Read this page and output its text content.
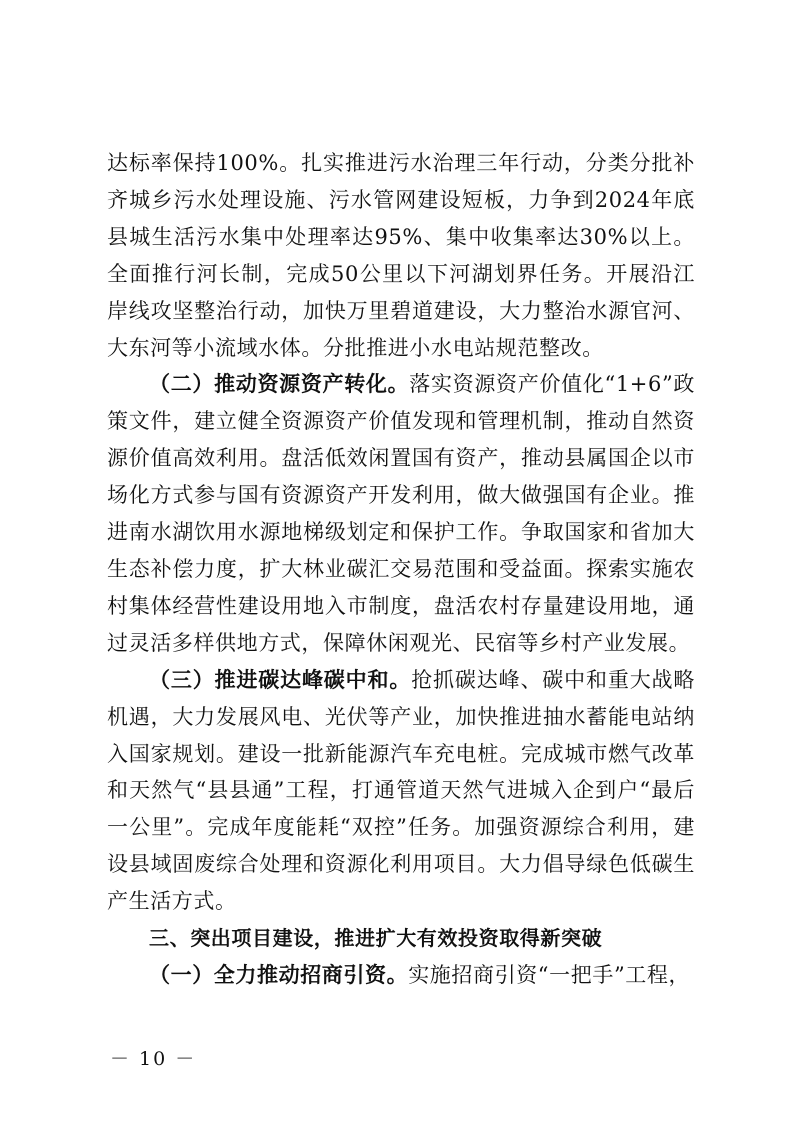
达标率保持100%。扎实推进污水治理三年行动，分类分批补齐城乡污水处理设施、污水管网建设短板，力争到2024年底县城生活污水集中处理率达95%、集中收集率达30%以上。全面推行河长制，完成50公里以下河湖划界任务。开展沿江岸线攻坚整治行动，加快万里碧道建设，大力整治水源官河、大东河等小流域水体。分批推进小水电站规范整改。

（二）推动资源资产转化。落实资源资产价值化“1+6”政策文件，建立健全资源资产价值发现和管理机制，推动自然资源价值高效利用。盘活低效闲置国有资产，推动县属国企以市场化方式参与国有资源资产开发利用，做大做强国有企业。推进南水湖饮用水源地梯级划定和保护工作。争取国家和省加大生态补偿力度，扩大林业碳汇交易范围和受益面。探索实施农村集体经营性建设用地入市制度，盘活农村存量建设用地，通过灵活多样供地方式，保障休闲观光、民宿等乡村产业发展。

（三）推进碳达峰碳中和。抢抓碳达峰、碳中和重大战略机遇，大力发展风电、光伏等产业，加快推进抽水蓄能电站纳入国家规划。建设一批新能源汽车充电桩。完成城市燃气改革和天然气“县县通”工程，打通管道天然气进城入企到户“最后一公里”。完成年度能耗“双控”任务。加强资源综合利用，建设县域固废综合处理和资源化利用项目。大力倡导绿色低碳生产生活方式。

三、突出项目建设，推进扩大有效投资取得新突破

（一）全力推动招商引资。实施招商引资“一把手”工程，

－ 10 －
